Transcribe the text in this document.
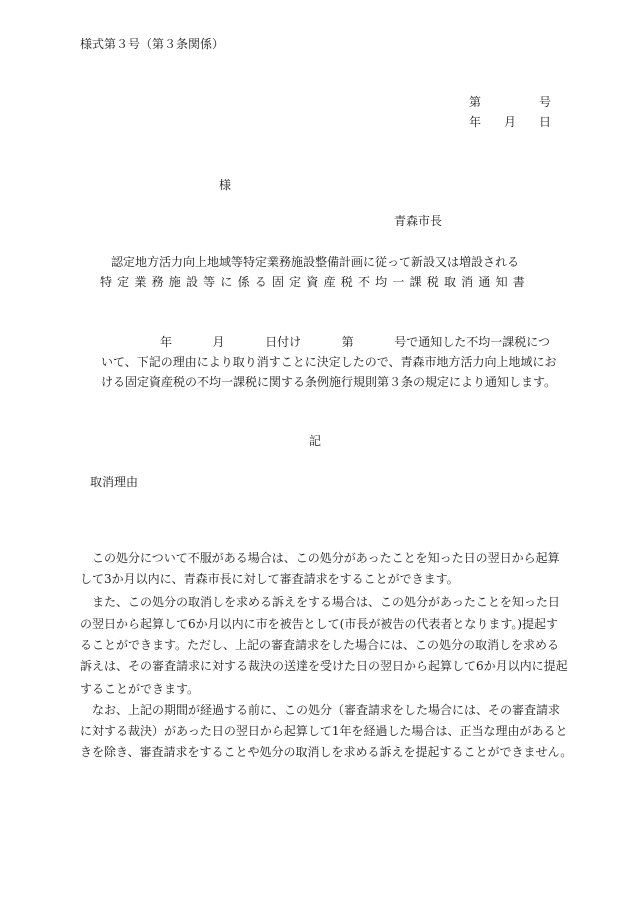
様式第３号（第３条関係）
第	号
年 月 日
様
青森市長
認定地方活力向上地域等特定業務施設整備計画に従って新設又は増設される
特定業務施設等に係る固定資産税不均一課税取消通知書
年	月	日付け	第	号で通知した不均一課税につ
いて、下記の理由により取り消すことに決定したので、青森市地方活力向上地域にお
ける固定資産税の不均一課税に関する条例施行規則第３条の規定により通知します。
記
取消理由
　この処分について不服がある場合は、この処分があったことを知った日の翌日から起算
して3か月以内に、青森市長に対して審査請求をすることができます。
　また、この処分の取消しを求める訴えをする場合は、この処分があったことを知った日
の翌日から起算して6か月以内に市を被告として(市長が被告の代表者となります。)提起す
ることができます。ただし、上記の審査請求をした場合には、この処分の取消しを求める
訴えは、その審査請求に対する裁決の送達を受けた日の翌日から起算して6か月以内に提起
することができます。
　なお、上記の期間が経過する前に、この処分（審査請求をした場合には、その審査請求
に対する裁決）があった日の翌日から起算して1年を経過した場合は、正当な理由があると
きを除き、審査請求をすることや処分の取消しを求める訴えを提起することができません。
